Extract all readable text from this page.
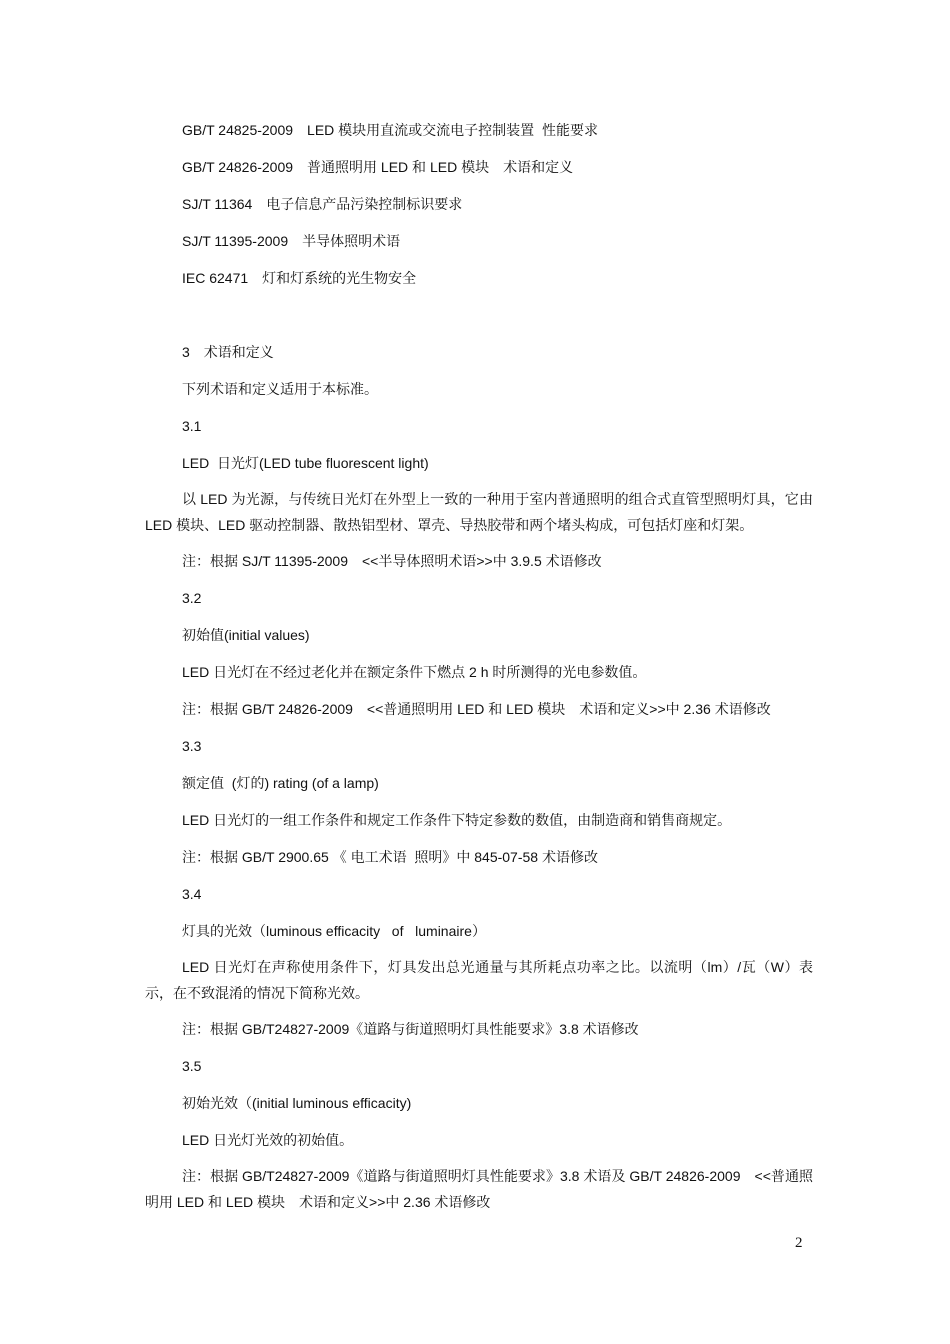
GB/T 24825-2009　LED 模块用直流或交流电子控制装置  性能要求
GB/T 24826-2009　普通照明用 LED 和 LED 模块　术语和定义
SJ/T 11364　电子信息产品污染控制标识要求
SJ/T 11395-2009　半导体照明术语
IEC 62471　灯和灯系统的光生物安全
3　术语和定义
下列术语和定义适用于本标准。
3.1
LED  日光灯(LED tube fluorescent light)
以 LED 为光源，与传统日光灯在外型上一致的一种用于室内普通照明的组合式直管型照明灯具，它由 LED 模块、LED 驱动控制器、散热铝型材、罩壳、导热胶带和两个堵头构成，可包括灯座和灯架。
注：根据 SJ/T 11395-2009　<<半导体照明术语>>中 3.9.5 术语修改
3.2
初始值(initial values)
LED 日光灯在不经过老化并在额定条件下燃点 2 h 时所测得的光电参数值。
注：根据 GB/T 24826-2009　<<普通照明用 LED 和 LED 模块　术语和定义>>中 2.36 术语修改
3.3
额定值  (灯的) rating (of a lamp)
LED 日光灯的一组工作条件和规定工作条件下特定参数的数值，由制造商和销售商规定。
注：根据 GB/T 2900.65 《 电工术语  照明》中 845-07-58 术语修改
3.4
灯具的光效（luminous efficacity   of   luminaire）
LED 日光灯在声称使用条件下，灯具发出总光通量与其所耗点功率之比。以流明（lm）/瓦（W）表示，在不致混淆的情况下简称光效。
注：根据 GB/T24827-2009《道路与街道照明灯具性能要求》3.8 术语修改
3.5
初始光效（(initial luminous efficacity)
LED 日光灯光效的初始值。
注：根据 GB/T24827-2009《道路与街道照明灯具性能要求》3.8 术语及 GB/T 24826-2009　<<普通照明用 LED 和 LED 模块　术语和定义>>中 2.36 术语修改
2
